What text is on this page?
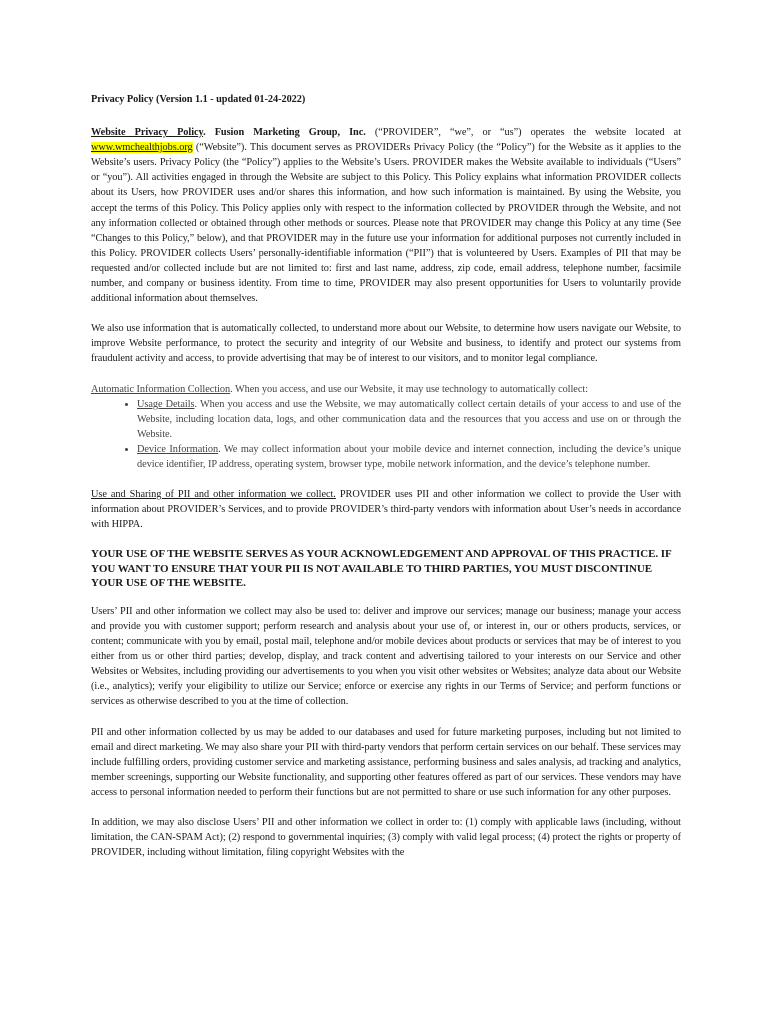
Privacy Policy (Version 1.1 - updated 01-24-2022)

Website Privacy Policy. Fusion Marketing Group, Inc. (“PROVIDER”, “we”, or “us”) operates the website located at www.wmchealthjobs.org (“Website”). This document serves as PROVIDERs Privacy Policy (the “Policy”) for the Website as it applies to the Website’s users. Privacy Policy (the “Policy”) applies to the Website’s Users. PROVIDER makes the Website available to individuals (“Users” or “you”). All activities engaged in through the Website are subject to this Policy. This Policy explains what information PROVIDER collects about its Users, how PROVIDER uses and/or shares this information, and how such information is maintained. By using the Website, you accept the terms of this Policy. This Policy applies only with respect to the information collected by PROVIDER through the Website, and not any information collected or obtained through other methods or sources. Please note that PROVIDER may change this Policy at any time (See “Changes to this Policy,” below), and that PROVIDER may in the future use your information for additional purposes not currently included in this Policy. PROVIDER collects Users’ personally-identifiable information (“PII”) that is volunteered by Users. Examples of PII that may be requested and/or collected include but are not limited to: first and last name, address, zip code, email address, telephone number, facsimile number, and company or business identity. From time to time, PROVIDER may also present opportunities for Users to voluntarily provide additional information about themselves.

We also use information that is automatically collected, to understand more about our Website, to determine how users navigate our Website, to improve Website performance, to protect the security and integrity of our Website and business, to identify and protect our systems from fraudulent activity and access, to provide advertising that may be of interest to our visitors, and to monitor legal compliance.

Automatic Information Collection. When you access, and use our Website, it may use technology to automatically collect:
• Usage Details. When you access and use the Website, we may automatically collect certain details of your access to and use of the Website, including location data, logs, and other communication data and the resources that you access and use on or through the Website.
• Device Information. We may collect information about your mobile device and internet connection, including the device’s unique device identifier, IP address, operating system, browser type, mobile network information, and the device’s telephone number.

Use and Sharing of PII and other information we collect. PROVIDER uses PII and other information we collect to provide the User with information about PROVIDER’s Services, and to provide PROVIDER’s third-party vendors with information about User’s needs in accordance with HIPPA.

YOUR USE OF THE WEBSITE SERVES AS YOUR ACKNOWLEDGEMENT AND APPROVAL OF THIS PRACTICE. IF YOU WANT TO ENSURE THAT YOUR PII IS NOT AVAILABLE TO THIRD PARTIES, YOU MUST DISCONTINUE YOUR USE OF THE WEBSITE.

Users’ PII and other information we collect may also be used to: deliver and improve our services; manage our business; manage your access and provide you with customer support; perform research and analysis about your use of, or interest in, our or others products, services, or content; communicate with you by email, postal mail, telephone and/or mobile devices about products or services that may be of interest to you either from us or other third parties; develop, display, and track content and advertising tailored to your interests on our Service and other Websites or Websites, including providing our advertisements to you when you visit other websites or Websites; analyze data about our Website (i.e., analytics); verify your eligibility to utilize our Service; enforce or exercise any rights in our Terms of Service; and perform functions or services as otherwise described to you at the time of collection.

PII and other information collected by us may be added to our databases and used for future marketing purposes, including but not limited to email and direct marketing. We may also share your PII with third-party vendors that perform certain services on our behalf. These services may include fulfilling orders, providing customer service and marketing assistance, performing business and sales analysis, ad tracking and analytics, member screenings, supporting our Website functionality, and supporting other features offered as part of our services. These vendors may have access to personal information needed to perform their functions but are not permitted to share or use such information for any other purposes.

In addition, we may also disclose Users’ PII and other information we collect in order to: (1) comply with applicable laws (including, without limitation, the CAN-SPAM Act); (2) respond to governmental inquiries; (3) comply with valid legal process; (4) protect the rights or property of PROVIDER, including without limitation, filing copyright Websites with the
